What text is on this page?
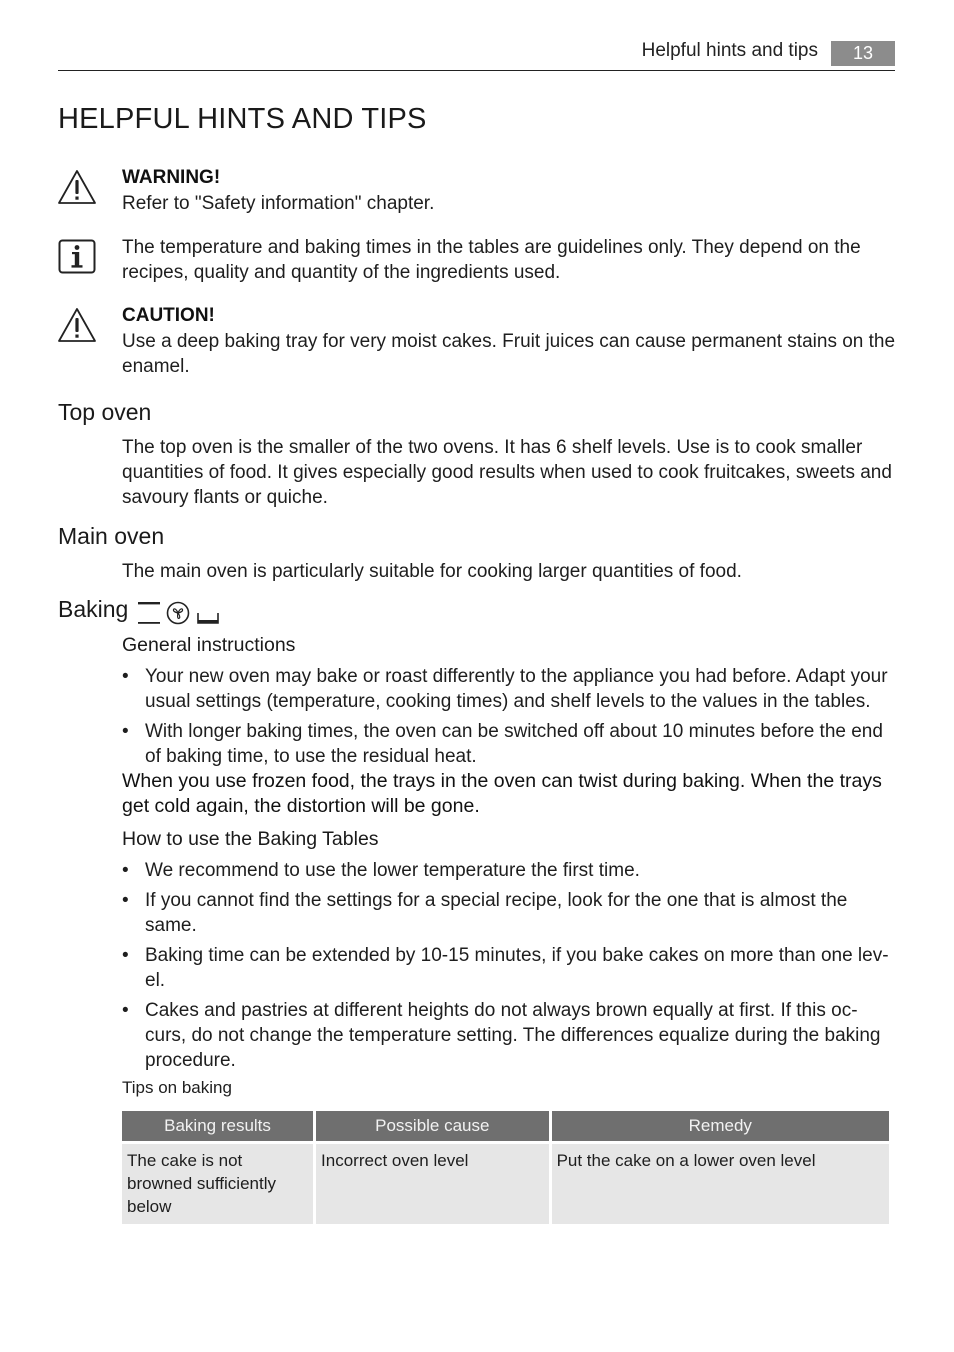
Helpful hints and tips	13
HELPFUL HINTS AND TIPS
WARNING!
Refer to "Safety information" chapter.
The temperature and baking times in the tables are guidelines only. They depend on the recipes, quality and quantity of the ingredients used.
CAUTION!
Use a deep baking tray for very moist cakes. Fruit juices can cause permanent stains on the enamel.
Top oven
The top oven is the smaller of the two ovens. It has 6 shelf levels. Use is to cook smaller quantities of food. It gives especially good results when used to cook fruitcakes, sweets and savoury flants or quiche.
Main oven
The main oven is particularly suitable for cooking larger quantities of food.
Baking
General instructions
• Your new oven may bake or roast differently to the appliance you had before. Adapt your usual settings (temperature, cooking times) and shelf levels to the values in the tables.
• With longer baking times, the oven can be switched off about 10 minutes before the end of baking time, to use the residual heat.
When you use frozen food, the trays in the oven can twist during baking. When the trays get cold again, the distortion will be gone.
How to use the Baking Tables
• We recommend to use the lower temperature the first time.
• If you cannot find the settings for a special recipe, look for the one that is almost the same.
• Baking time can be extended by 10-15 minutes, if you bake cakes on more than one lev-el.
• Cakes and pastries at different heights do not always brown equally at first. If this oc-curs, do not change the temperature setting. The differences equalize during the baking procedure.
Tips on baking
Baking results	Possible cause	Remedy

The cake is not browned sufficiently below	Incorrect oven level	Put the cake on a lower oven level
